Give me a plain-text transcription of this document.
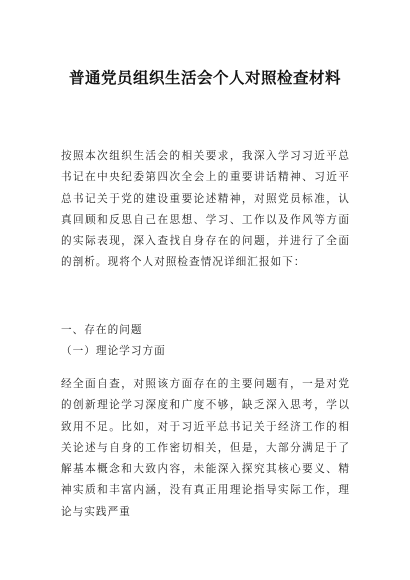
普通党员组织生活会个人对照检查材料
按照本次组织生活会的相关要求，我深入学习习近平总书记在中央纪委第四次全会上的重要讲话精神、习近平总书记关于党的建设重要论述精神，对照党员标准，认真回顾和反思自己在思想、学习、工作以及作风等方面的实际表现，深入查找自身存在的问题，并进行了全面的剖析。现将个人对照检查情况详细汇报如下：
一、存在的问题
（一）理论学习方面
经全面自查，对照该方面存在的主要问题有，一是对党的创新理论学习深度和广度不够，缺乏深入思考，学以致用不足。比如，对于习近平总书记关于经济工作的相关论述与自身的工作密切相关，但是，大部分满足于了解基本概念和大致内容，未能深入探究其核心要义、精神实质和丰富内涵，没有真正用理论指导实际工作，理论与实践严重
